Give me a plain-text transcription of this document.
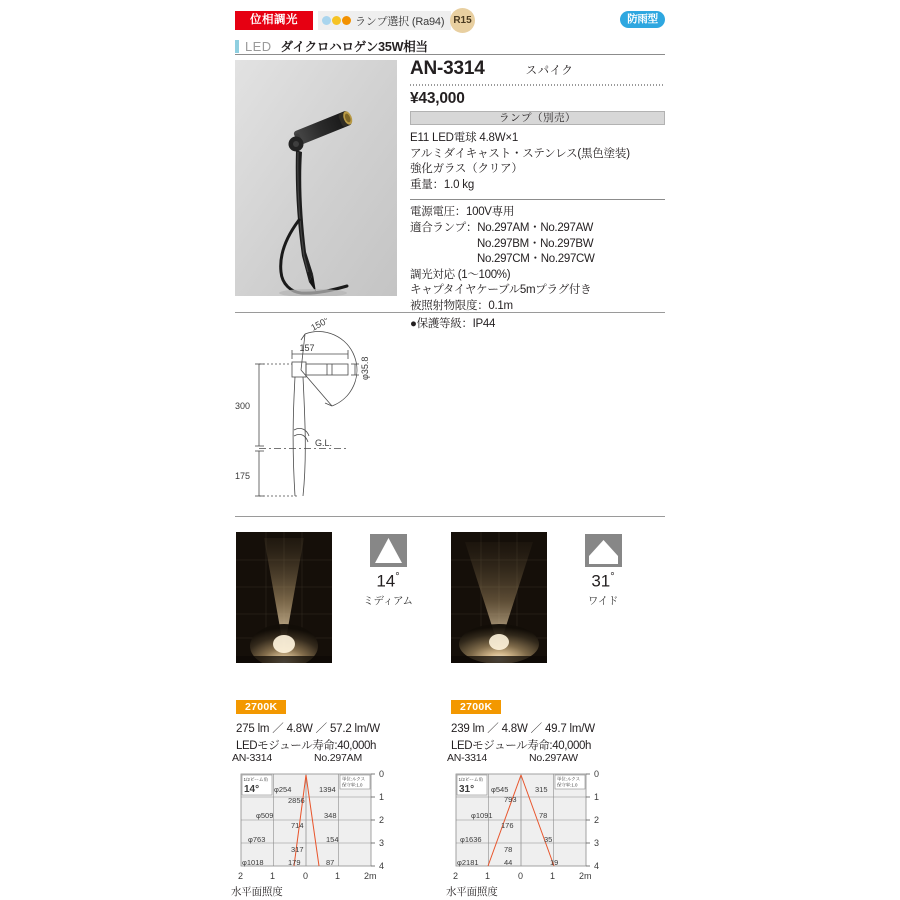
位相調光	ランプ選択 (Ra94) R15	防雨型
LED ダイクロハロゲン35W相当
AN-3314	スパイク
¥43,000
ランプ（別売）
E11 LED電球 4.8W×1
アルミダイキャスト・ステンレス(黒色塗装)
強化ガラス（クリア）
重量：1.0 kg
電源電圧：100V専用
適合ランプ：No.297AM・No.297AW
No.297BM・No.297BW
No.297CM・No.297CW
調光対応 (1～100%)
キャプタイヤケーブル5mプラグ付き
被照射物限度：0.1m
●保護等級：IP44
150°
157
φ35.8
300
175
G.L.
14°
ミディアム
31°
ワイド
2700K
275 lm ／ 4.8W ／ 57.2 lm/W
LEDモジュール寿命:40,000h
2700K
239 lm ／ 4.8W ／ 49.7 lm/W
LEDモジュール寿命:40,000h
AN-3314	No.297AM
0
1
2
3
4
2	1	0	1	2m
1/2ビーム角
14°
単位:ルクス
保守率:1.0
φ254	1394
2856
φ509	348
714
φ763	154
317
φ1018	179	87
水平面照度
AN-3314	No.297AW
0
1
2
3
4
2	1	0	1	2m
1/2ビーム角
31°
単位:ルクス
保守率:1.0
φ545	315
793
φ1091	78
176
φ1636	35
78
φ2181	44	19
水平面照度
